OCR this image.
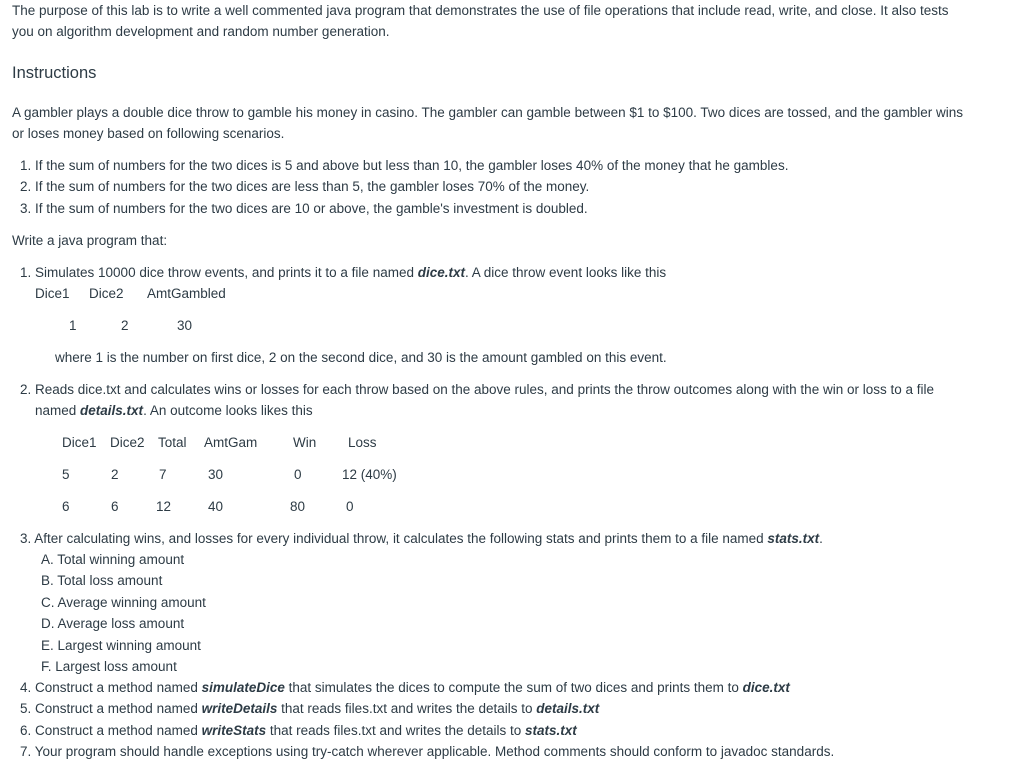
The purpose of this lab is to write a well commented java program that demonstrates the use of file operations that include read, write, and close. It also tests
you on algorithm development and random number generation.
Instructions
A gambler plays a double dice throw to gamble his money in casino. The gambler can gamble between $1 to $100. Two dices are tossed, and the gambler wins
or loses money based on following scenarios.
1. If the sum of numbers for the two dices is 5 and above but less than 10, the gambler loses 40% of the money that he gambles.
2. If the sum of numbers for the two dices are less than 5, the gambler loses 70% of the money.
3. If the sum of numbers for the two dices are 10 or above, the gamble's investment is doubled.
Write a java program that:
1. Simulates 10000 dice throw events, and prints it to a file named dice.txt. A dice throw event looks like this
Dice1 Dice2 AmtGambled
1	2	30
where 1 is the number on first dice, 2 on the second dice, and 30 is the amount gambled on this event.
2. Reads dice.txt and calculates wins or losses for each throw based on the above rules, and prints the throw outcomes along with the win or loss to a file
named details.txt. An outcome looks likes this
Dice1 Dice2 Total AmtGam	Win Loss
5	2	7	30	0	12 (40%)
6	6	12	40	80	0
3. After calculating wins, and losses for every individual throw, it calculates the following stats and prints them to a file named stats.txt.
A. Total winning amount
B. Total loss amount
C. Average winning amount
D. Average loss amount
E. Largest winning amount
F. Largest loss amount
4. Construct a method named simulateDice that simulates the dices to compute the sum of two dices and prints them to dice.txt
5. Construct a method named writeDetails that reads files.txt and writes the details to details.txt
6. Construct a method named writeStats that reads files.txt and writes the details to stats.txt
7. Your program should handle exceptions using try-catch wherever applicable. Method comments should conform to javadoc standards.
